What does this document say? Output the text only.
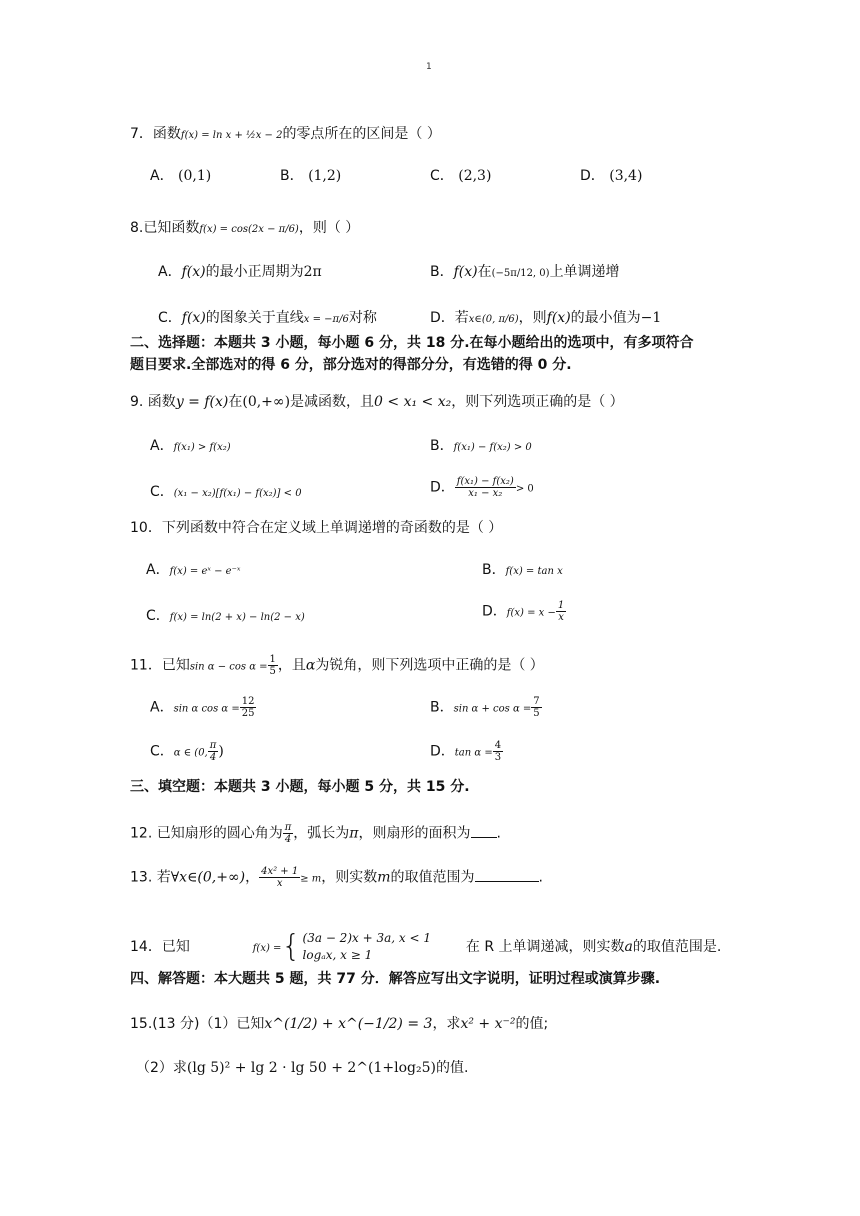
1
7．函数f(x) = ln x + ½x − 2的零点所在的区间是（ ）
A． (0,1)	B． (1,2)	C． (2,3)	D． (3,4)
8.已知函数f(x) = cos(2x − π/6)，则（ ）
A．f(x)的最小正周期为2π	B．f(x)在(−5π/12, 0)上单调递增
C．f(x)的图象关于直线x = −π/6对称	D．若x∈(0, π/6)，则f(x)的最小值为−1
二、选择题：本题共 3 小题，每小题 6 分，共 18 分.在每小题给出的选项中，有多项符合
题目要求.全部选对的得 6 分，部分选对的得部分分，有选错的得 0 分.
9. 函数y = f(x)在(0,+∞)是减函数，且0 < x₁ < x₂，则下列选项正确的是（ ）
A．f(x₁) > f(x₂)	B．f(x₁) − f(x₂) > 0
C．(x₁ − x₂)[f(x₁) − f(x₂)] < 0	D． $\frac{\text{f(x₁) − f(x₂)}}{\text{x₁ − x₂}} > 0$
10．下列函数中符合在定义域上单调递增的奇函数的是（ ）
A．f(x) = eˣ − e⁻ˣ	B．f(x) = tan x
C．f(x) = ln(2 + x) − ln(2 − x)	D．$f(x) = x - \frac{1}{x}$
11．已知$\sin \alpha - \cos \alpha = \frac{1}{5}$ ，且α为锐角，则下列选项中正确的是（ ）
A．sin α $\cos \alpha = \frac{12}{25}$	B．$\sin \alpha + \cos \alpha = \frac{7}{5}$
C．α ∈ (0, $\frac{\pi}{4}$ )	D．$\tan \alpha = \frac{4}{3}$
三、填空题：本题共 3 小题，每小题 5 分，共 15 分.
12. 已知扇形的圆心角为 $\frac{\pi}{4}$ ，弧长为π，则扇形的面积为 .
13. 若∀x∈(0,+∞)， $\frac{\text{4x² + 1}}{x} \ge m$，则实数m的取值范围为	.
14．已知	f(x) ={ (3a − 2)x + 3a, x < 1
logₐx, x ≥ 1	在 R 上单调递减，则实数a的取值范围是.
四、解答题：本大题共 5 题，共 77 分．解答应写出文字说明，证明过程或演算步骤.
15.(13 分)（1）已知x^(1/2) + x^(−1/2) = 3，求x² + x⁻²的值;
（2）求(lg 5)² + lg 2 · lg 50 + 2^(1+log₂5)的值.
